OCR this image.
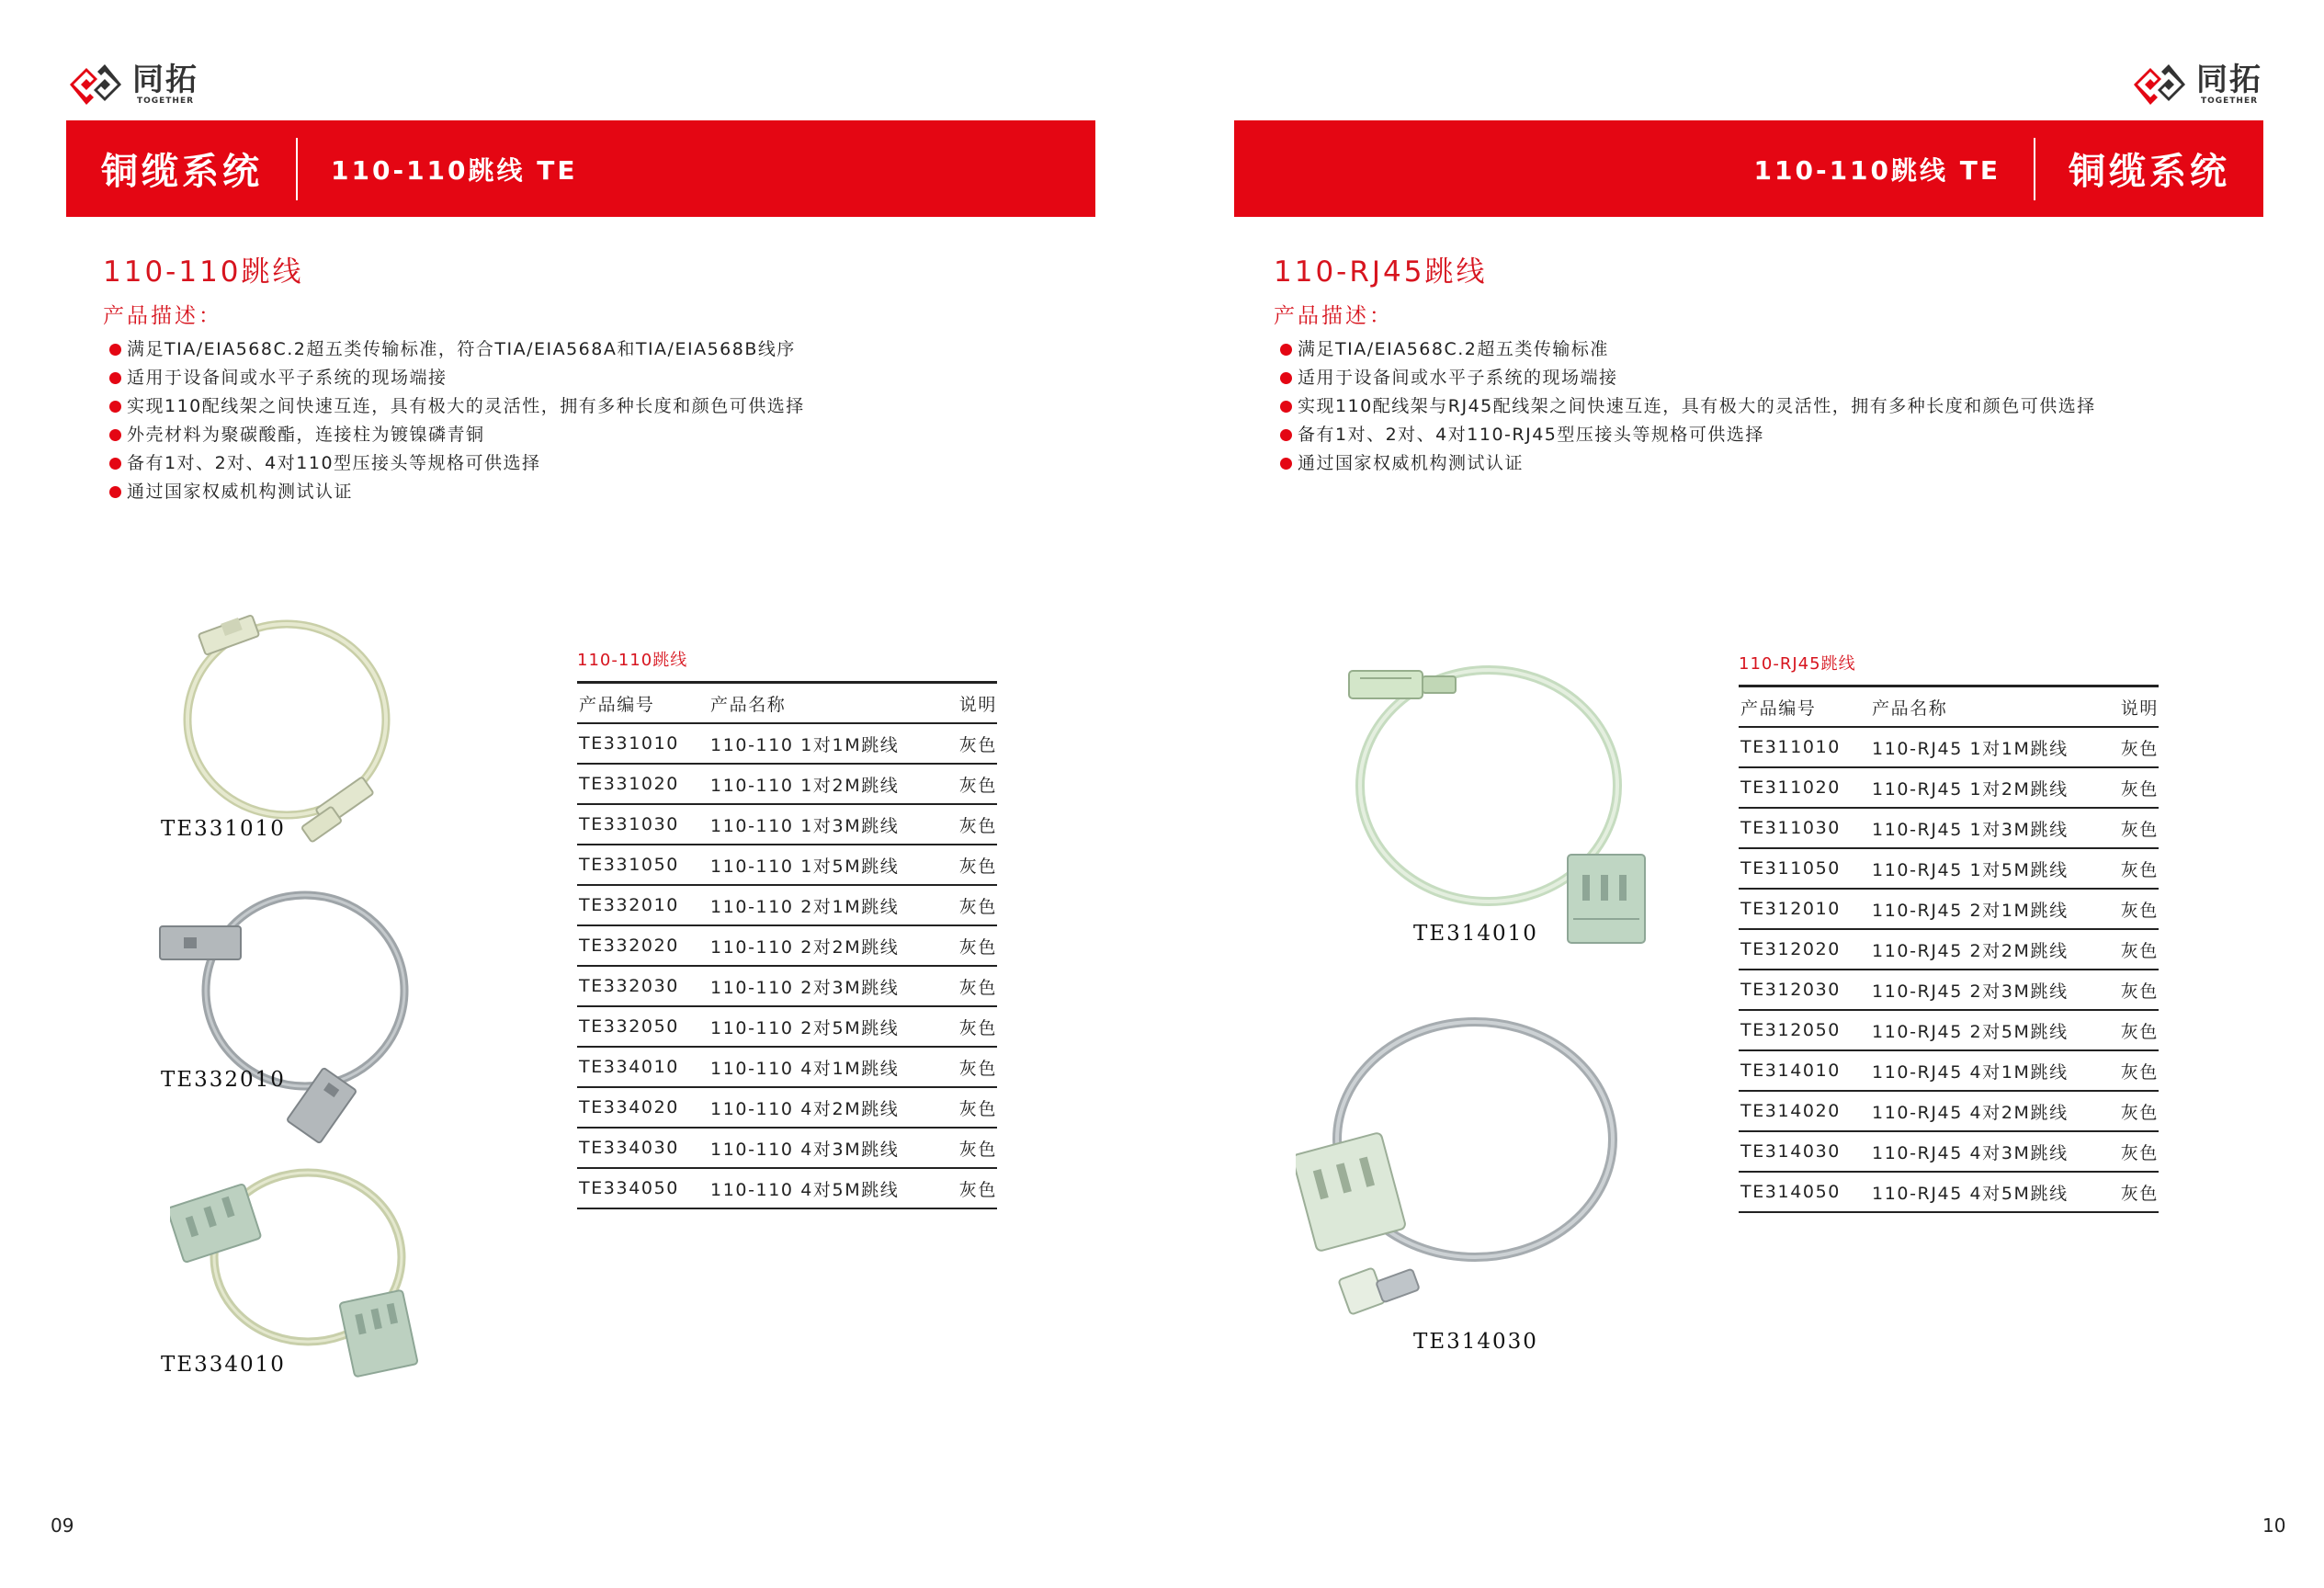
同拓
TOGETHER
同拓
TOGETHER
铜缆系统	110-110跳线 TE	110-110跳线 TE 铜缆系统
110-110跳线
产品描述：
满足TIA/EIA568C.2超五类传输标准，符合TIA/EIA568A和TIA/EIA568B线序
适用于设备间或水平子系统的现场端接
实现110配线架之间快速互连，具有极大的灵活性，拥有多种长度和颜色可供选择
外壳材料为聚碳酸酯，连接柱为镀镍磷青铜
备有1对、2对、4对110型压接头等规格可供选择
通过国家权威机构测试认证
110-RJ45跳线
产品描述：
满足TIA/EIA568C.2超五类传输标准
适用于设备间或水平子系统的现场端接
实现110配线架与RJ45配线架之间快速互连，具有极大的灵活性，拥有多种长度和颜色可供选择
备有1对、2对、4对110-RJ45型压接头等规格可供选择
通过国家权威机构测试认证
110-110跳线
产品编号	产品名称	说明
TE331010	110-110 1对1M跳线	灰色
TE331020	110-110 1对2M跳线	灰色
TE331030	110-110 1对3M跳线	灰色
TE331050	110-110 1对5M跳线	灰色
TE332010	110-110 2对1M跳线	灰色
TE332020	110-110 2对2M跳线	灰色
TE332030	110-110 2对3M跳线	灰色
TE332050	110-110 2对5M跳线	灰色
TE334010	110-110 4对1M跳线	灰色
TE334020	110-110 4对2M跳线	灰色
TE334030	110-110 4对3M跳线	灰色
TE334050	110-110 4对5M跳线	灰色
110-RJ45跳线
产品编号	产品名称	说明
TE311010	110-RJ45 1对1M跳线	灰色
TE311020	110-RJ45 1对2M跳线	灰色
TE311030	110-RJ45 1对3M跳线	灰色
TE311050	110-RJ45 1对5M跳线	灰色
TE312010	110-RJ45 2对1M跳线	灰色
TE312020	110-RJ45 2对2M跳线	灰色
TE312030	110-RJ45 2对3M跳线	灰色
TE312050	110-RJ45 2对5M跳线	灰色
TE314010	110-RJ45 4对1M跳线	灰色
TE314020	110-RJ45 4对2M跳线	灰色
TE314030	110-RJ45 4对3M跳线	灰色
TE314050	110-RJ45 4对5M跳线	灰色
TE331010
TE332010
TE334010
TE314010
TE314030
09	10
